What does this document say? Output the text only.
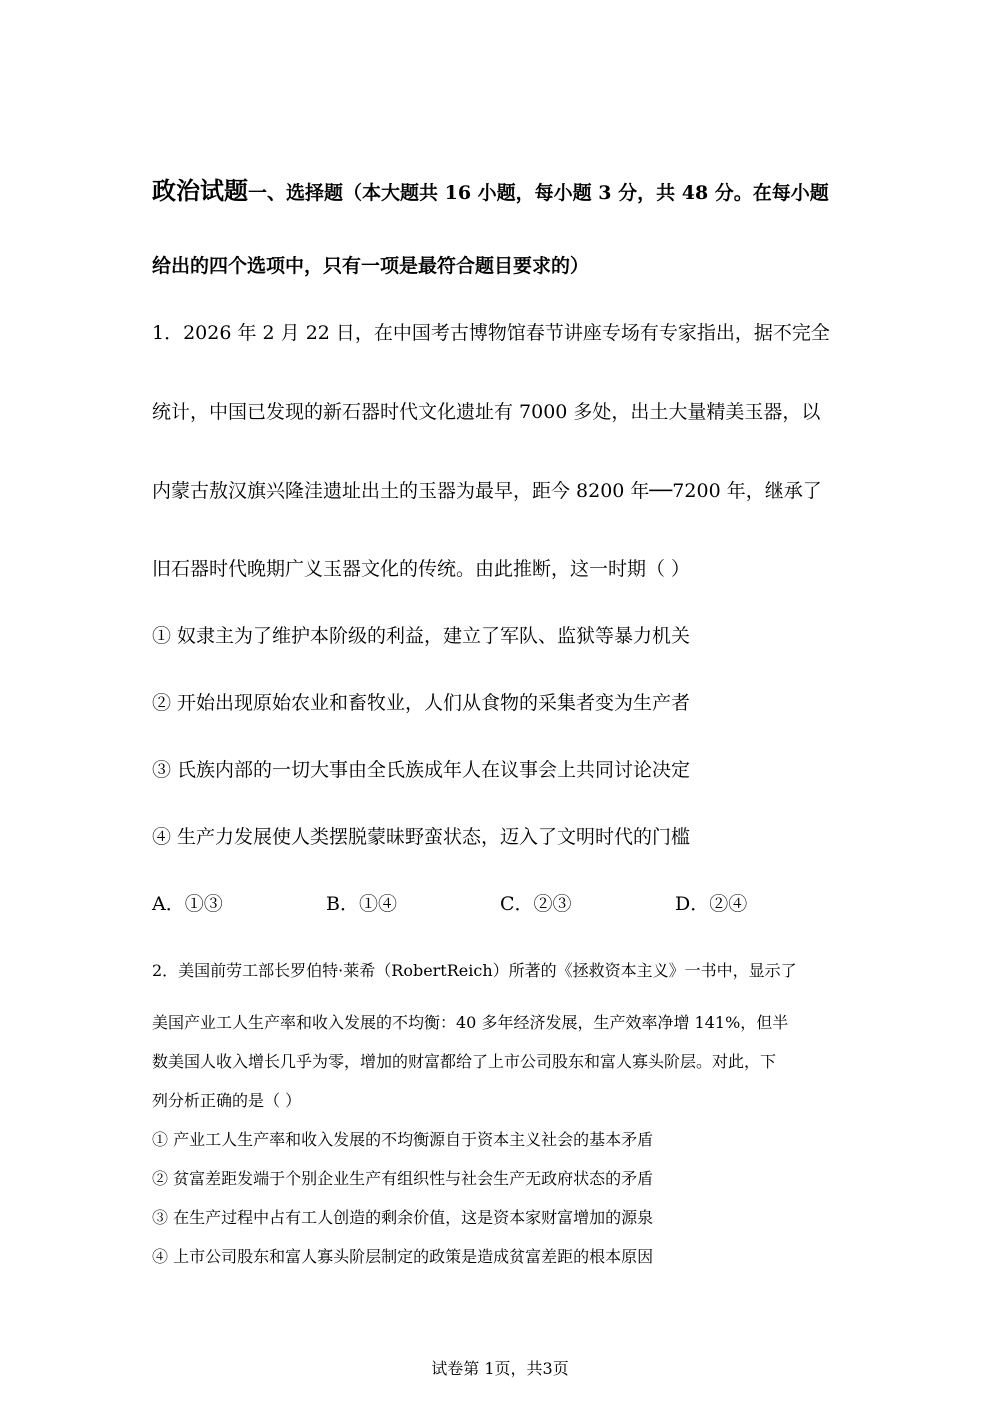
政治试题一、选择题（本大题共 16 小题，每小题 3 分，共 48 分。在每小题
给出的四个选项中，只有一项是最符合题目要求的）
1．2026 年 2 月 22 日，在中国考古博物馆春节讲座专场有专家指出，据不完全
统计，中国已发现的新石器时代文化遗址有 7000 多处，出土大量精美玉器，以
内蒙古敖汉旗兴隆洼遗址出土的玉器为最早，距今 8200 年──7200 年，继承了
旧石器时代晚期广义玉器文化的传统。由此推断，这一时期（ ）
① 奴隶主为了维护本阶级的利益，建立了军队、监狱等暴力机关
② 开始出现原始农业和畜牧业，人们从食物的采集者变为生产者
③ 氏族内部的一切大事由全氏族成年人在议事会上共同讨论决定
④ 生产力发展使人类摆脱蒙昧野蛮状态，迈入了文明时代的门槛
A．①③	B．①④	C．②③	D．②④
2．美国前劳工部长罗伯特·莱希（RobertReich）所著的《拯救资本主义》一书中，显示了
美国产业工人生产率和收入发展的不均衡：40 多年经济发展，生产效率净增 141%，但半
数美国人收入增长几乎为零，增加的财富都给了上市公司股东和富人寡头阶层。对此，下
列分析正确的是（ ）
① 产业工人生产率和收入发展的不均衡源自于资本主义社会的基本矛盾
② 贫富差距发端于个别企业生产有组织性与社会生产无政府状态的矛盾
③ 在生产过程中占有工人创造的剩余价值，这是资本家财富增加的源泉
④ 上市公司股东和富人寡头阶层制定的政策是造成贫富差距的根本原因
试卷第 1页，共3页
